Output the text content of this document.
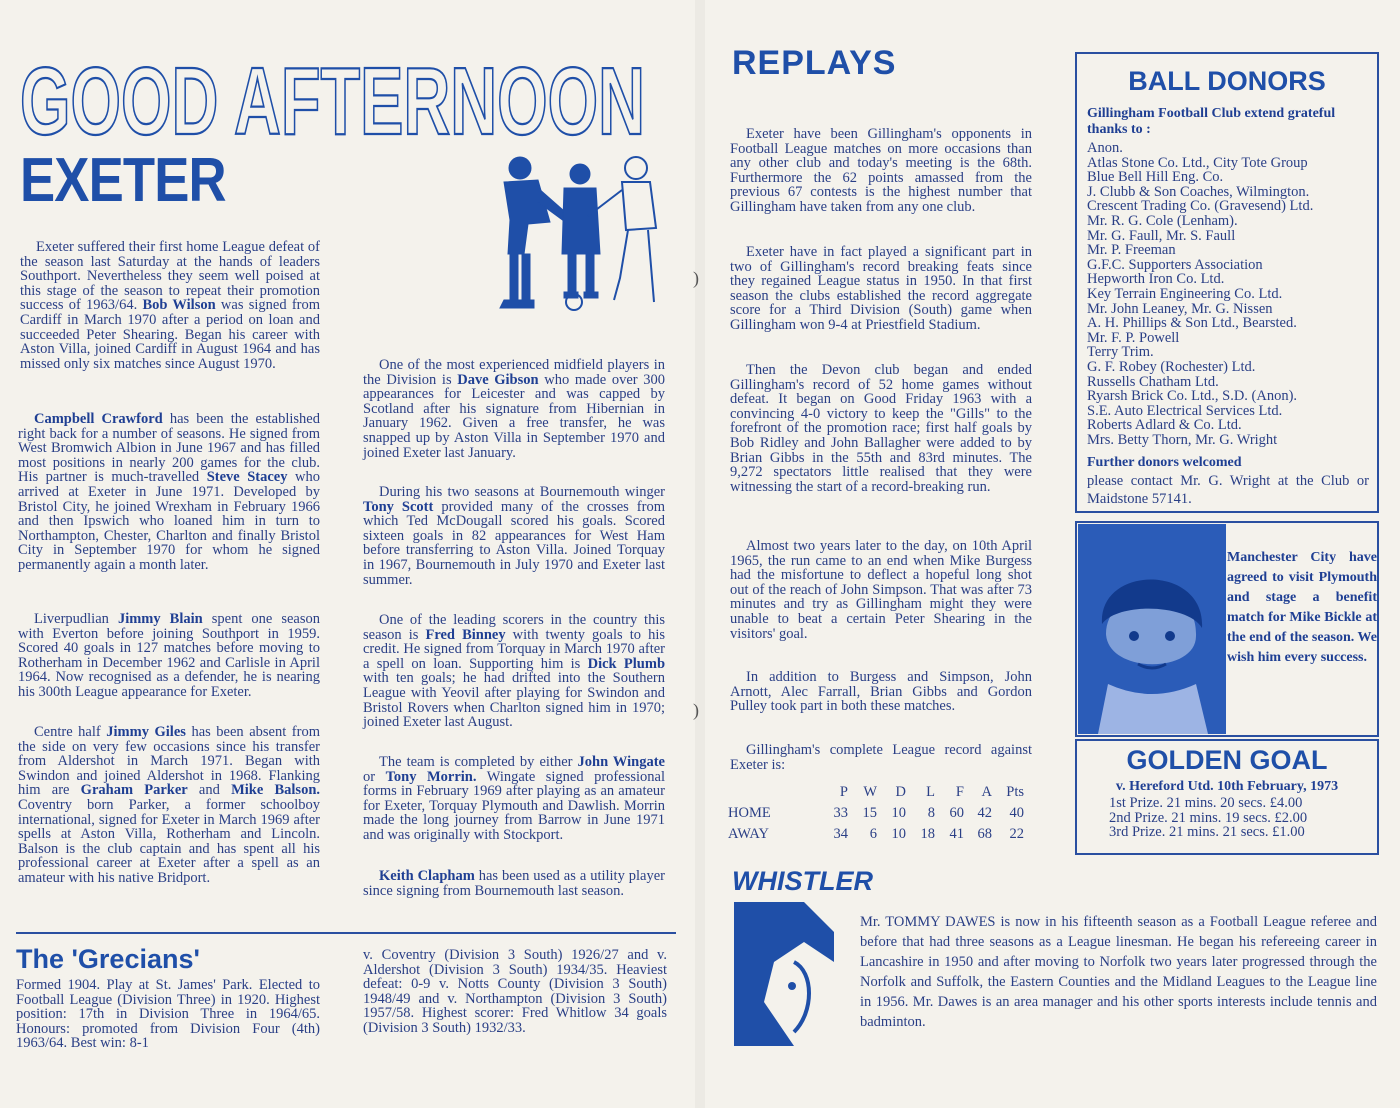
GOOD AFTERNOON
EXETER
Exeter suffered their first home League defeat of the season last Saturday at the hands of leaders Southport. Nevertheless they seem well poised at this stage of the season to repeat their promotion success of 1963/64. Bob Wilson was signed from Cardiff in March 1970 after a period on loan and succeeded Peter Shearing. Began his career with Aston Villa, joined Cardiff in August 1964 and has missed only six matches since August 1970.
Campbell Crawford has been the established right back for a number of seasons. He signed from West Bromwich Albion in June 1967 and has filled most positions in nearly 200 games for the club. His partner is much-travelled Steve Stacey who arrived at Exeter in June 1971. Developed by Bristol City, he joined Wrexham in February 1966 and then Ipswich who loaned him in turn to Northampton, Chester, Charlton and finally Bristol City in September 1970 for whom he signed permanently again a month later.
Liverpudlian Jimmy Blain spent one season with Everton before joining Southport in 1959. Scored 40 goals in 127 matches before moving to Rotherham in December 1962 and Carlisle in April 1964. Now recognised as a defender, he is nearing his 300th League appearance for Exeter.
Centre half Jimmy Giles has been absent from the side on very few occasions since his transfer from Aldershot in March 1971. Began with Swindon and joined Aldershot in 1968. Flanking him are Graham Parker and Mike Balson. Coventry born Parker, a former schoolboy international, signed for Exeter in March 1969 after spells at Aston Villa, Rotherham and Lincoln. Balson is the club captain and has spent all his professional career at Exeter after a spell as an amateur with his native Bridport.
One of the most experienced midfield players in the Division is Dave Gibson who made over 300 appearances for Leicester and was capped by Scotland after his signature from Hibernian in January 1962. Given a free transfer, he was snapped up by Aston Villa in September 1970 and joined Exeter last January.
During his two seasons at Bournemouth winger Tony Scott provided many of the crosses from which Ted McDougall scored his goals. Scored sixteen goals in 82 appearances for West Ham before transferring to Aston Villa. Joined Torquay in 1967, Bournemouth in July 1970 and Exeter last summer.
One of the leading scorers in the country this season is Fred Binney with twenty goals to his credit. He signed from Torquay in March 1970 after a spell on loan. Supporting him is Dick Plumb with ten goals; he had drifted into the Southern League with Yeovil after playing for Swindon and Bristol Rovers when Charlton signed him in 1970; joined Exeter last August.
The team is completed by either John Wingate or Tony Morrin. Wingate signed professional forms in February 1969 after playing as an amateur for Exeter, Torquay Plymouth and Dawlish. Morrin made the long journey from Barrow in June 1971 and was originally with Stockport.
Keith Clapham has been used as a utility player since signing from Bournemouth last season.
The 'Grecians'
Formed 1904. Play at St. James' Park. Elected to Football League (Division Three) in 1920. Highest position: 17th in Division Three in 1964/65. Honours: promoted from Division Four (4th) 1963/64. Best win: 8-1
v. Coventry (Division 3 South) 1926/27 and v. Aldershot (Division 3 South) 1934/35. Heaviest defeat: 0-9 v. Notts County (Division 3 South) 1948/49 and v. Northampton (Division 3 South) 1957/58. Highest scorer: Fred Whitlow 34 goals (Division 3 South) 1932/33.
)
)
REPLAYS
Exeter have been Gillingham's opponents in Football League matches on more occasions than any other club and today's meeting is the 68th. Furthermore the 62 points amassed from the previous 67 contests is the highest number that Gillingham have taken from any one club.
Exeter have in fact played a significant part in two of Gillingham's record breaking feats since they regained League status in 1950. In that first season the clubs established the record aggregate score for a Third Division (South) game when Gillingham won 9-4 at Priestfield Stadium.
Then the Devon club began and ended Gillingham's record of 52 home games without defeat. It began on Good Friday 1963 with a convincing 4-0 victory to keep the "Gills" to the forefront of the promotion race; first half goals by Bob Ridley and John Ballagher were added to by Brian Gibbs in the 55th and 83rd minutes. The 9,272 spectators little realised that they were witnessing the start of a record-breaking run.
Almost two years later to the day, on 10th April 1965, the run came to an end when Mike Burgess had the misfortune to deflect a hopeful long shot out of the reach of John Simpson. That was after 73 minutes and try as Gillingham might they were unable to beat a certain Peter Shearing in the visitors' goal.
In addition to Burgess and Simpson, John Arnott, Alec Farrall, Brian Gibbs and Gordon Pulley took part in both these matches.
Gillingham's complete League record against Exeter is:
	P	W	D	L	F	A	Pts
HOME	33	15	10	8	60	42	40
AWAY	34	6	10	18	41	68	22
BALL DONORS

Gillingham Football Club extend grateful thanks to :

Anon.
Atlas Stone Co. Ltd., City Tote Group
Blue Bell Hill Eng. Co.
J. Clubb & Son Coaches, Wilmington.
Crescent Trading Co. (Gravesend) Ltd.
Mr. R. G. Cole (Lenham).
Mr. G. Faull, Mr. S. Faull
Mr. P. Freeman
G.F.C. Supporters Association
Hepworth Iron Co. Ltd.
Key Terrain Engineering Co. Ltd.
Mr. John Leaney, Mr. G. Nissen
A. H. Phillips & Son Ltd., Bearsted.
Mr. F. P. Powell
Terry Trim.
G. F. Robey (Rochester) Ltd.
Russells Chatham Ltd.
Ryarsh Brick Co. Ltd., S.D. (Anon).
S.E. Auto Electrical Services Ltd.
Roberts Adlard & Co. Ltd.
Mrs. Betty Thorn, Mr. G. Wright

Further donors welcomed

please contact Mr. G. Wright at the Club or Maidstone 57141.

Manchester City have agreed to visit Plymouth and stage a benefit match for Mike Bickle at the end of the season. We wish him every success.

GOLDEN GOAL

v. Hereford Utd. 10th February, 1973

1st Prize. 21 mins. 20 secs. £4.00
2nd Prize. 21 mins. 19 secs. £2.00
3rd Prize. 21 mins. 21 secs. £1.00
WHISTLER

Mr. TOMMY DAWES is now in his fifteenth season as a Football League referee and before that had three seasons as a League linesman. He began his refereeing career in Lancashire in 1950 and after moving to Norfolk two years later progressed through the Norfolk and Suffolk, the Eastern Counties and the Midland Leagues to the League line in 1956. Mr. Dawes is an area manager and his other sports interests include tennis and badminton.
